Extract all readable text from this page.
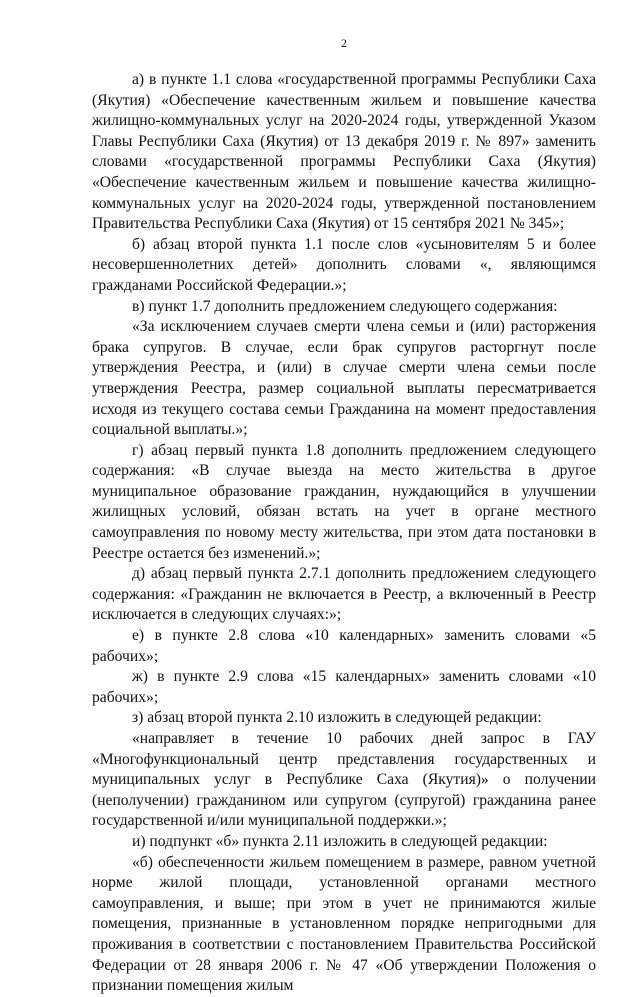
2

а) в пункте 1.1 слова «государственной программы Республики Саха (Якутия) «Обеспечение качественным жильем и повышение качества жилищно-коммунальных услуг на 2020-2024 годы, утвержденной Указом Главы Республики Саха (Якутия) от 13 декабря 2019 г. № 897» заменить словами «государственной программы Республики Саха (Якутия) «Обеспечение качественным жильем и повышение качества жилищно-коммунальных услуг на 2020-2024 годы, утвержденной постановлением Правительства Республики Саха (Якутия) от 15 сентября 2021 № 345»;

б) абзац второй пункта 1.1 после слов «усыновителям 5 и более несовершеннолетних детей» дополнить словами «, являющимся гражданами Российской Федерации.»;

в) пункт 1.7 дополнить предложением следующего содержания:

«За исключением случаев смерти члена семьи и (или) расторжения брака супругов. В случае, если брак супругов расторгнут после утверждения Реестра, и (или) в случае смерти члена семьи после утверждения Реестра, размер социальной выплаты пересматривается исходя из текущего состава семьи Гражданина на момент предоставления социальной выплаты.»;

г) абзац первый пункта 1.8 дополнить предложением следующего содержания: «В случае выезда на место жительства в другое муниципальное образование гражданин, нуждающийся в улучшении жилищных условий, обязан встать на учет в органе местного самоуправления по новому месту жительства, при этом дата постановки в Реестре остается без изменений.»;

д) абзац первый пункта 2.7.1 дополнить предложением следующего содержания: «Гражданин не включается в Реестр, а включенный в Реестр исключается в следующих случаях:»;

е) в пункте 2.8 слова «10 календарных» заменить словами «5 рабочих»;

ж) в пункте 2.9 слова «15 календарных» заменить словами «10 рабочих»;

з) абзац второй пункта 2.10 изложить в следующей редакции:

«направляет в течение 10 рабочих дней запрос в ГАУ «Многофункциональный центр представления государственных и муниципальных услуг в Республике Саха (Якутия)» о получении (неполучении) гражданином или супругом (супругой) гражданина ранее государственной и/или муниципальной поддержки.»;

и) подпункт «б» пункта 2.11 изложить в следующей редакции:

«б) обеспеченности жильем помещением в размере, равном учетной норме жилой площади, установленной органами местного самоуправления, и выше; при этом в учет не принимаются жилые помещения, признанные в установленном порядке непригодными для проживания в соответствии с постановлением Правительства Российской Федерации от 28 января 2006 г. № 47 «Об утверждении Положения о признании помещения жилым
